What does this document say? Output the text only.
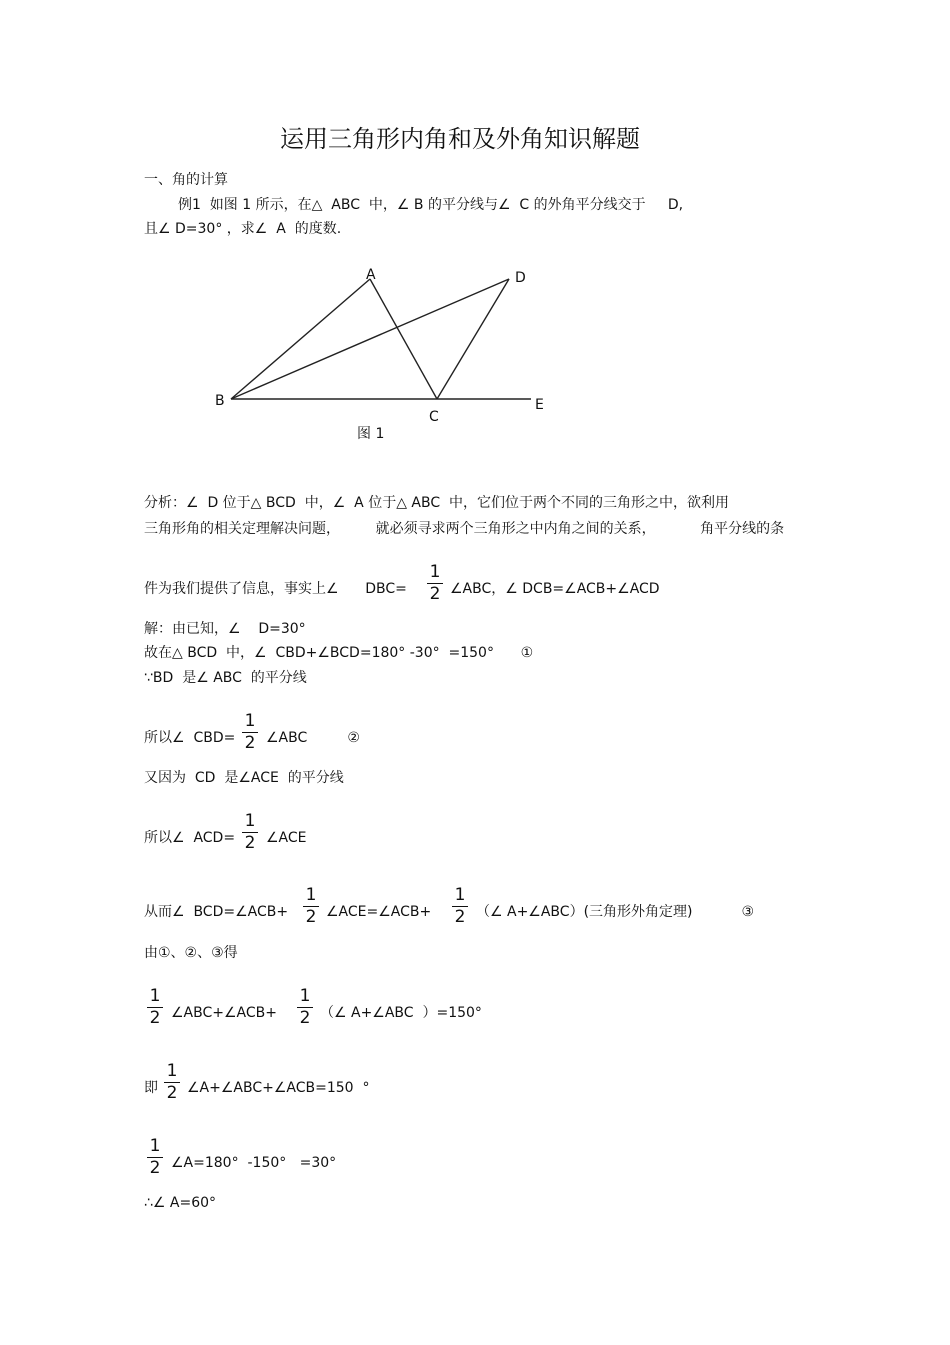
运用三角形内角和及外角知识解题
一、角的计算
例1  如图 1 所示，在△  ABC  中，∠ B 的平分线与∠  C 的外角平分线交于     D,
且∠ D=30° ，求∠  A  的度数.
A	D
B
C
E
图 1
分析：∠  D 位于△ BCD  中，∠  A 位于△ ABC  中，它们位于两个不同的三角形之中，欲利用
三角形角的相关定理解决问题，        就必须寻求两个三角形之中内角之间的关系，          角平分线的条
件为我们提供了信息，事实上∠      DBC=
1
2 ∠ABC，∠ DCB=∠ACB+∠ACD
解：由已知，∠    D=30°
故在△ BCD  中，∠  CBD+∠BCD=180° -30°  =150°      ①
∵BD  是∠ ABC  的平分线
所以∠  CBD=
1
2 ∠ABC         ②
又因为  CD  是∠ACE  的平分线
所以∠  ACD=
1
2 ∠ACE
从而∠  BCD=∠ACB+
1
2 ∠ACE=∠ACB+
1
2 （∠ A+∠ABC）(三角形外角定理)           ③
由①、②、③得
1
2 ∠ABC+∠ACB+
1
2 （∠ A+∠ABC  ）=150°
即
1
2 ∠A+∠ABC+∠ACB=150  °
1
2 ∠A=180°  -150°   =30°
∴∠ A=60°
